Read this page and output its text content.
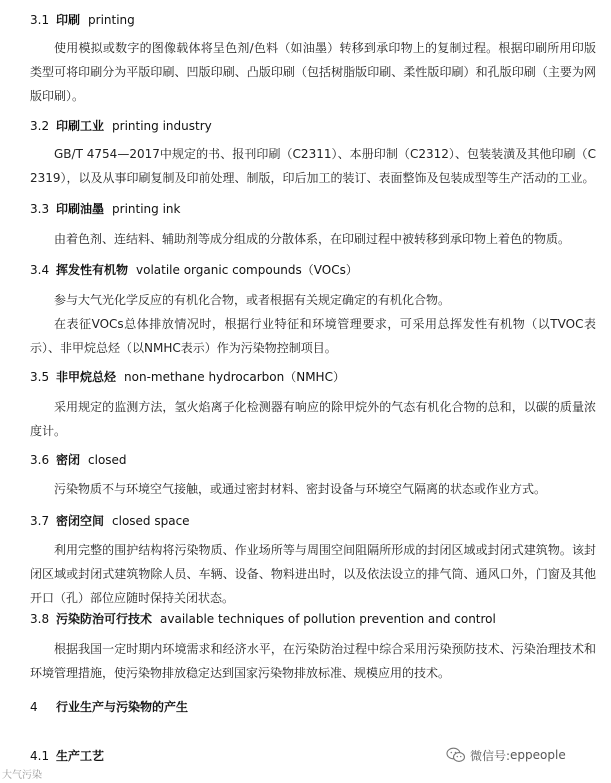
3.1 印刷 printing
使用模拟或数字的图像载体将呈色剂/色料（如油墨）转移到承印物上的复制过程。根据印刷所用印版类型可将印刷分为平版印刷、凹版印刷、凸版印刷（包括树脂版印刷、柔性版印刷）和孔版印刷（主要为网版印刷）。
3.2 印刷工业 printing industry
GB/T 4754—2017中规定的书、报刊印刷（C2311）、本册印制（C2312）、包装装潢及其他印刷（C2319），以及从事印刷复制及印前处理、制版，印后加工的装订、表面整饰及包装成型等生产活动的工业。
3.3 印刷油墨 printing ink
由着色剂、连结料、辅助剂等成分组成的分散体系，在印刷过程中被转移到承印物上着色的物质。
3.4 挥发性有机物 volatile organic compounds（VOCs）
参与大气光化学反应的有机化合物，或者根据有关规定确定的有机化合物。
在表征VOCs总体排放情况时，根据行业特征和环境管理要求，可采用总挥发性有机物（以TVOC表示）、非甲烷总烃（以NMHC表示）作为污染物控制项目。
3.5 非甲烷总烃 non-methane hydrocarbon（NMHC）
采用规定的监测方法，氢火焰离子化检测器有响应的除甲烷外的气态有机化合物的总和，以碳的质量浓度计。
3.6 密闭 closed
污染物质不与环境空气接触，或通过密封材料、密封设备与环境空气隔离的状态或作业方式。
3.7 密闭空间 closed space
利用完整的围护结构将污染物质、作业场所等与周围空间阻隔所形成的封闭区域或封闭式建筑物。该封闭区域或封闭式建筑物除人员、车辆、设备、物料进出时，以及依法设立的排气筒、通风口外，门窗及其他开口（孔）部位应随时保持关闭状态。
3.8 污染防治可行技术 available techniques of pollution prevention and control
根据我国一定时期内环境需求和经济水平，在污染防治过程中综合采用污染预防技术、污染治理技术和环境管理措施，使污染物排放稳定达到国家污染物排放标准、规模应用的技术。
4 行业生产与污染物的产生
4.1 生产工艺	微信号: eppeople
大气污染
